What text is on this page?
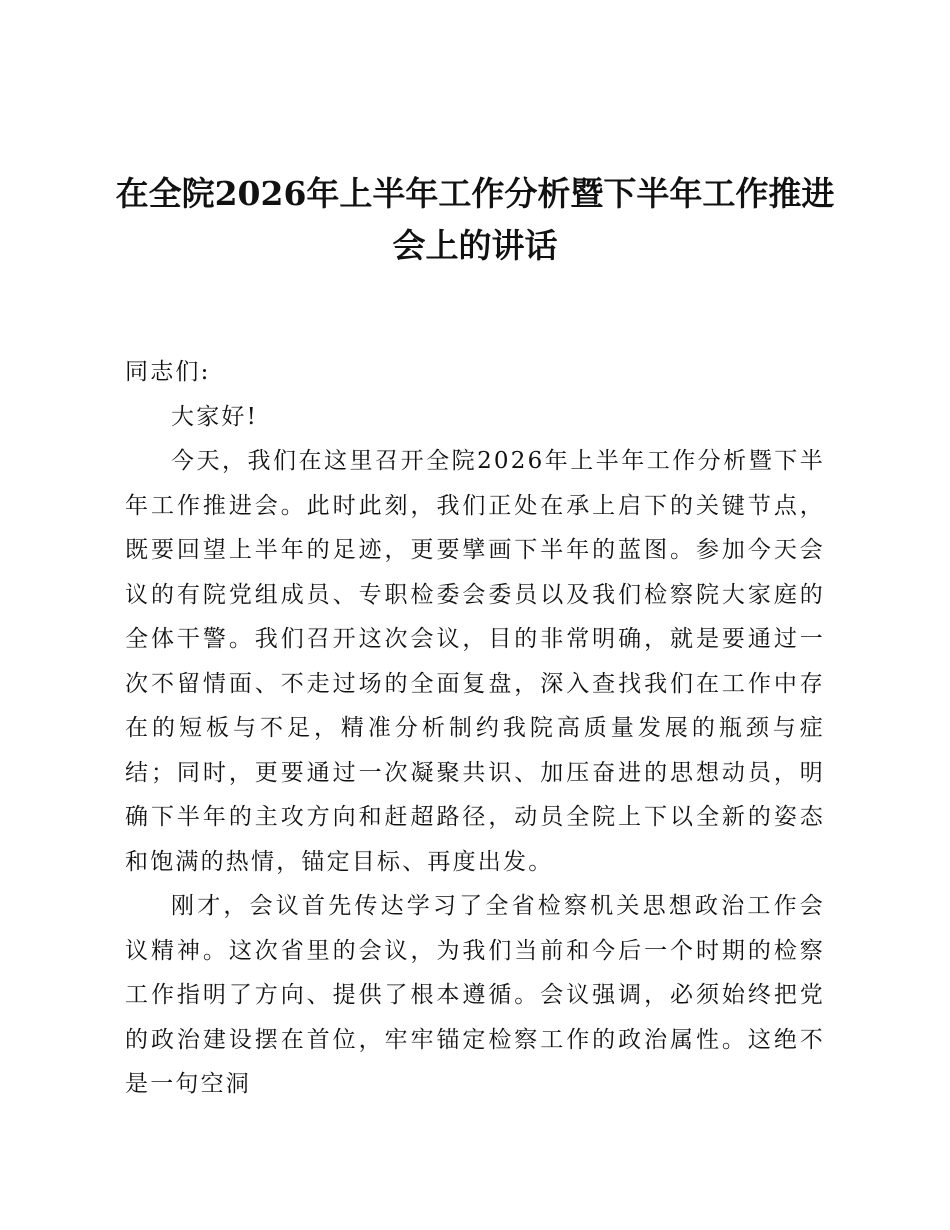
在全院2026年上半年工作分析暨下半年工作推进会上的讲话

同志们:

大家好!

今天，我们在这里召开全院2026年上半年工作分析暨下半年工作推进会。此时此刻，我们正处在承上启下的关键节点，既要回望上半年的足迹，更要擘画下半年的蓝图。参加今天会议的有院党组成员、专职检委会委员以及我们检察院大家庭的全体干警。我们召开这次会议，目的非常明确，就是要通过一次不留情面、不走过场的全面复盘，深入查找我们在工作中存在的短板与不足，精准分析制约我院高质量发展的瓶颈与症结；同时，更要通过一次凝聚共识、加压奋进的思想动员，明确下半年的主攻方向和赶超路径，动员全院上下以全新的姿态和饱满的热情，锚定目标、再度出发。

刚才，会议首先传达学习了全省检察机关思想政治工作会议精神。这次省里的会议，为我们当前和今后一个时期的检察工作指明了方向、提供了根本遵循。会议强调，必须始终把党的政治建设摆在首位，牢牢锚定检察工作的政治属性。这绝不是一句空洞
